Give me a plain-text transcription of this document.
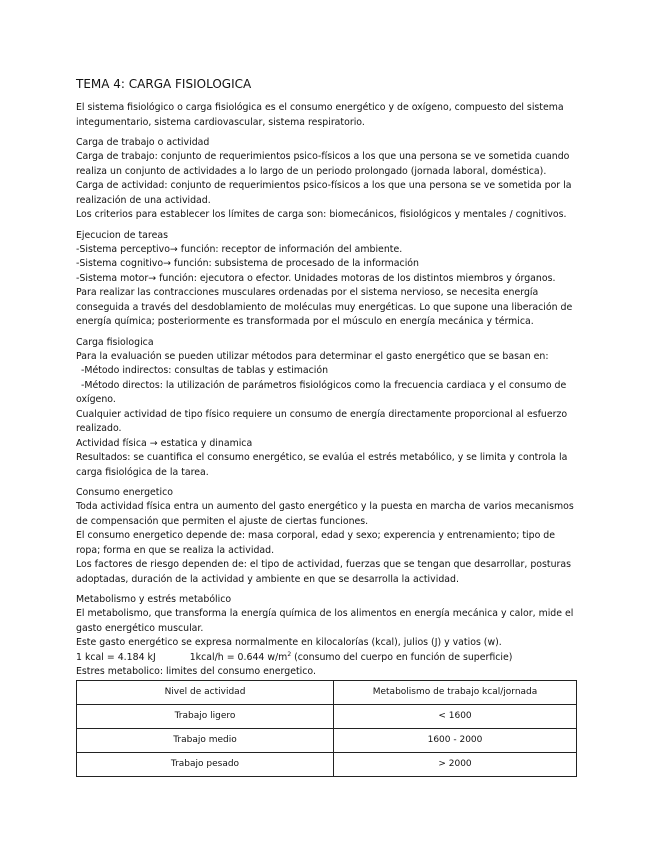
TEMA 4: CARGA FISIOLOGICA
El sistema fisiológico o carga fisiológica es el consumo energético y de oxígeno, compuesto del sistema
integumentario, sistema cardiovascular, sistema respiratorio.
Carga de trabajo o actividad
Carga de trabajo: conjunto de requerimientos psico-físicos a los que una persona se ve sometida cuando
realiza un conjunto de actividades a lo largo de un periodo prolongado (jornada laboral, doméstica).
Carga de actividad: conjunto de requerimientos psico-físicos a los que una persona se ve sometida por la
realización de una actividad.
Los criterios para establecer los límites de carga son: biomecánicos, fisiológicos y mentales / cognitivos.
Ejecucion de tareas
-Sistema perceptivo→ función: receptor de información del ambiente.
-Sistema cognitivo→ función: subsistema de procesado de la información
-Sistema motor→ función: ejecutora o efector. Unidades motoras de los distintos miembros y órganos.
Para realizar las contracciones musculares ordenadas por el sistema nervioso, se necesita energía
conseguida a través del desdoblamiento de moléculas muy energéticas. Lo que supone una liberación de
energía química; posteriormente es transformada por el músculo en energía mecánica y térmica.
Carga fisiologica
Para la evaluación se pueden utilizar métodos para determinar el gasto energético que se basan en:
-Método indirectos: consultas de tablas y estimación
-Método directos: la utilización de parámetros fisiológicos como la frecuencia cardiaca y el consumo de
oxígeno.
Cualquier actividad de tipo físico requiere un consumo de energía directamente proporcional al esfuerzo
realizado.
Actividad física → estatica y dinamica
Resultados: se cuantifica el consumo energético, se evalúa el estrés metabólico, y se limita y controla la
carga fisiológica de la tarea.
Consumo energetico
Toda actividad física entra un aumento del gasto energético y la puesta en marcha de varios mecanismos
de compensación que permiten el ajuste de ciertas funciones.
El consumo energetico depende de: masa corporal, edad y sexo; experencia y entrenamiento; tipo de
ropa; forma en que se realiza la actividad.
Los factores de riesgo dependen de: el tipo de actividad, fuerzas que se tengan que desarrollar, posturas
adoptadas, duración de la actividad y ambiente en que se desarrolla la actividad.
Metabolismo y estrés metabólico
El metabolismo, que transforma la energía química de los alimentos en energía mecánica y calor, mide el
gasto energético muscular.
Este gasto energético se expresa normalmente en kilocalorías (kcal), julios (J) y vatios (w).
1 kcal = 4.184 kJ	1kcal/h = 0.644 $w/m^2$ (consumo del cuerpo en función de superficie)
Estres metabolico: limites del consumo energetico.
Nivel de actividad	Metabolismo de trabajo kcal/jornada
Trabajo ligero	< 1600
Trabajo medio	1600 - 2000
Trabajo pesado	> 2000
